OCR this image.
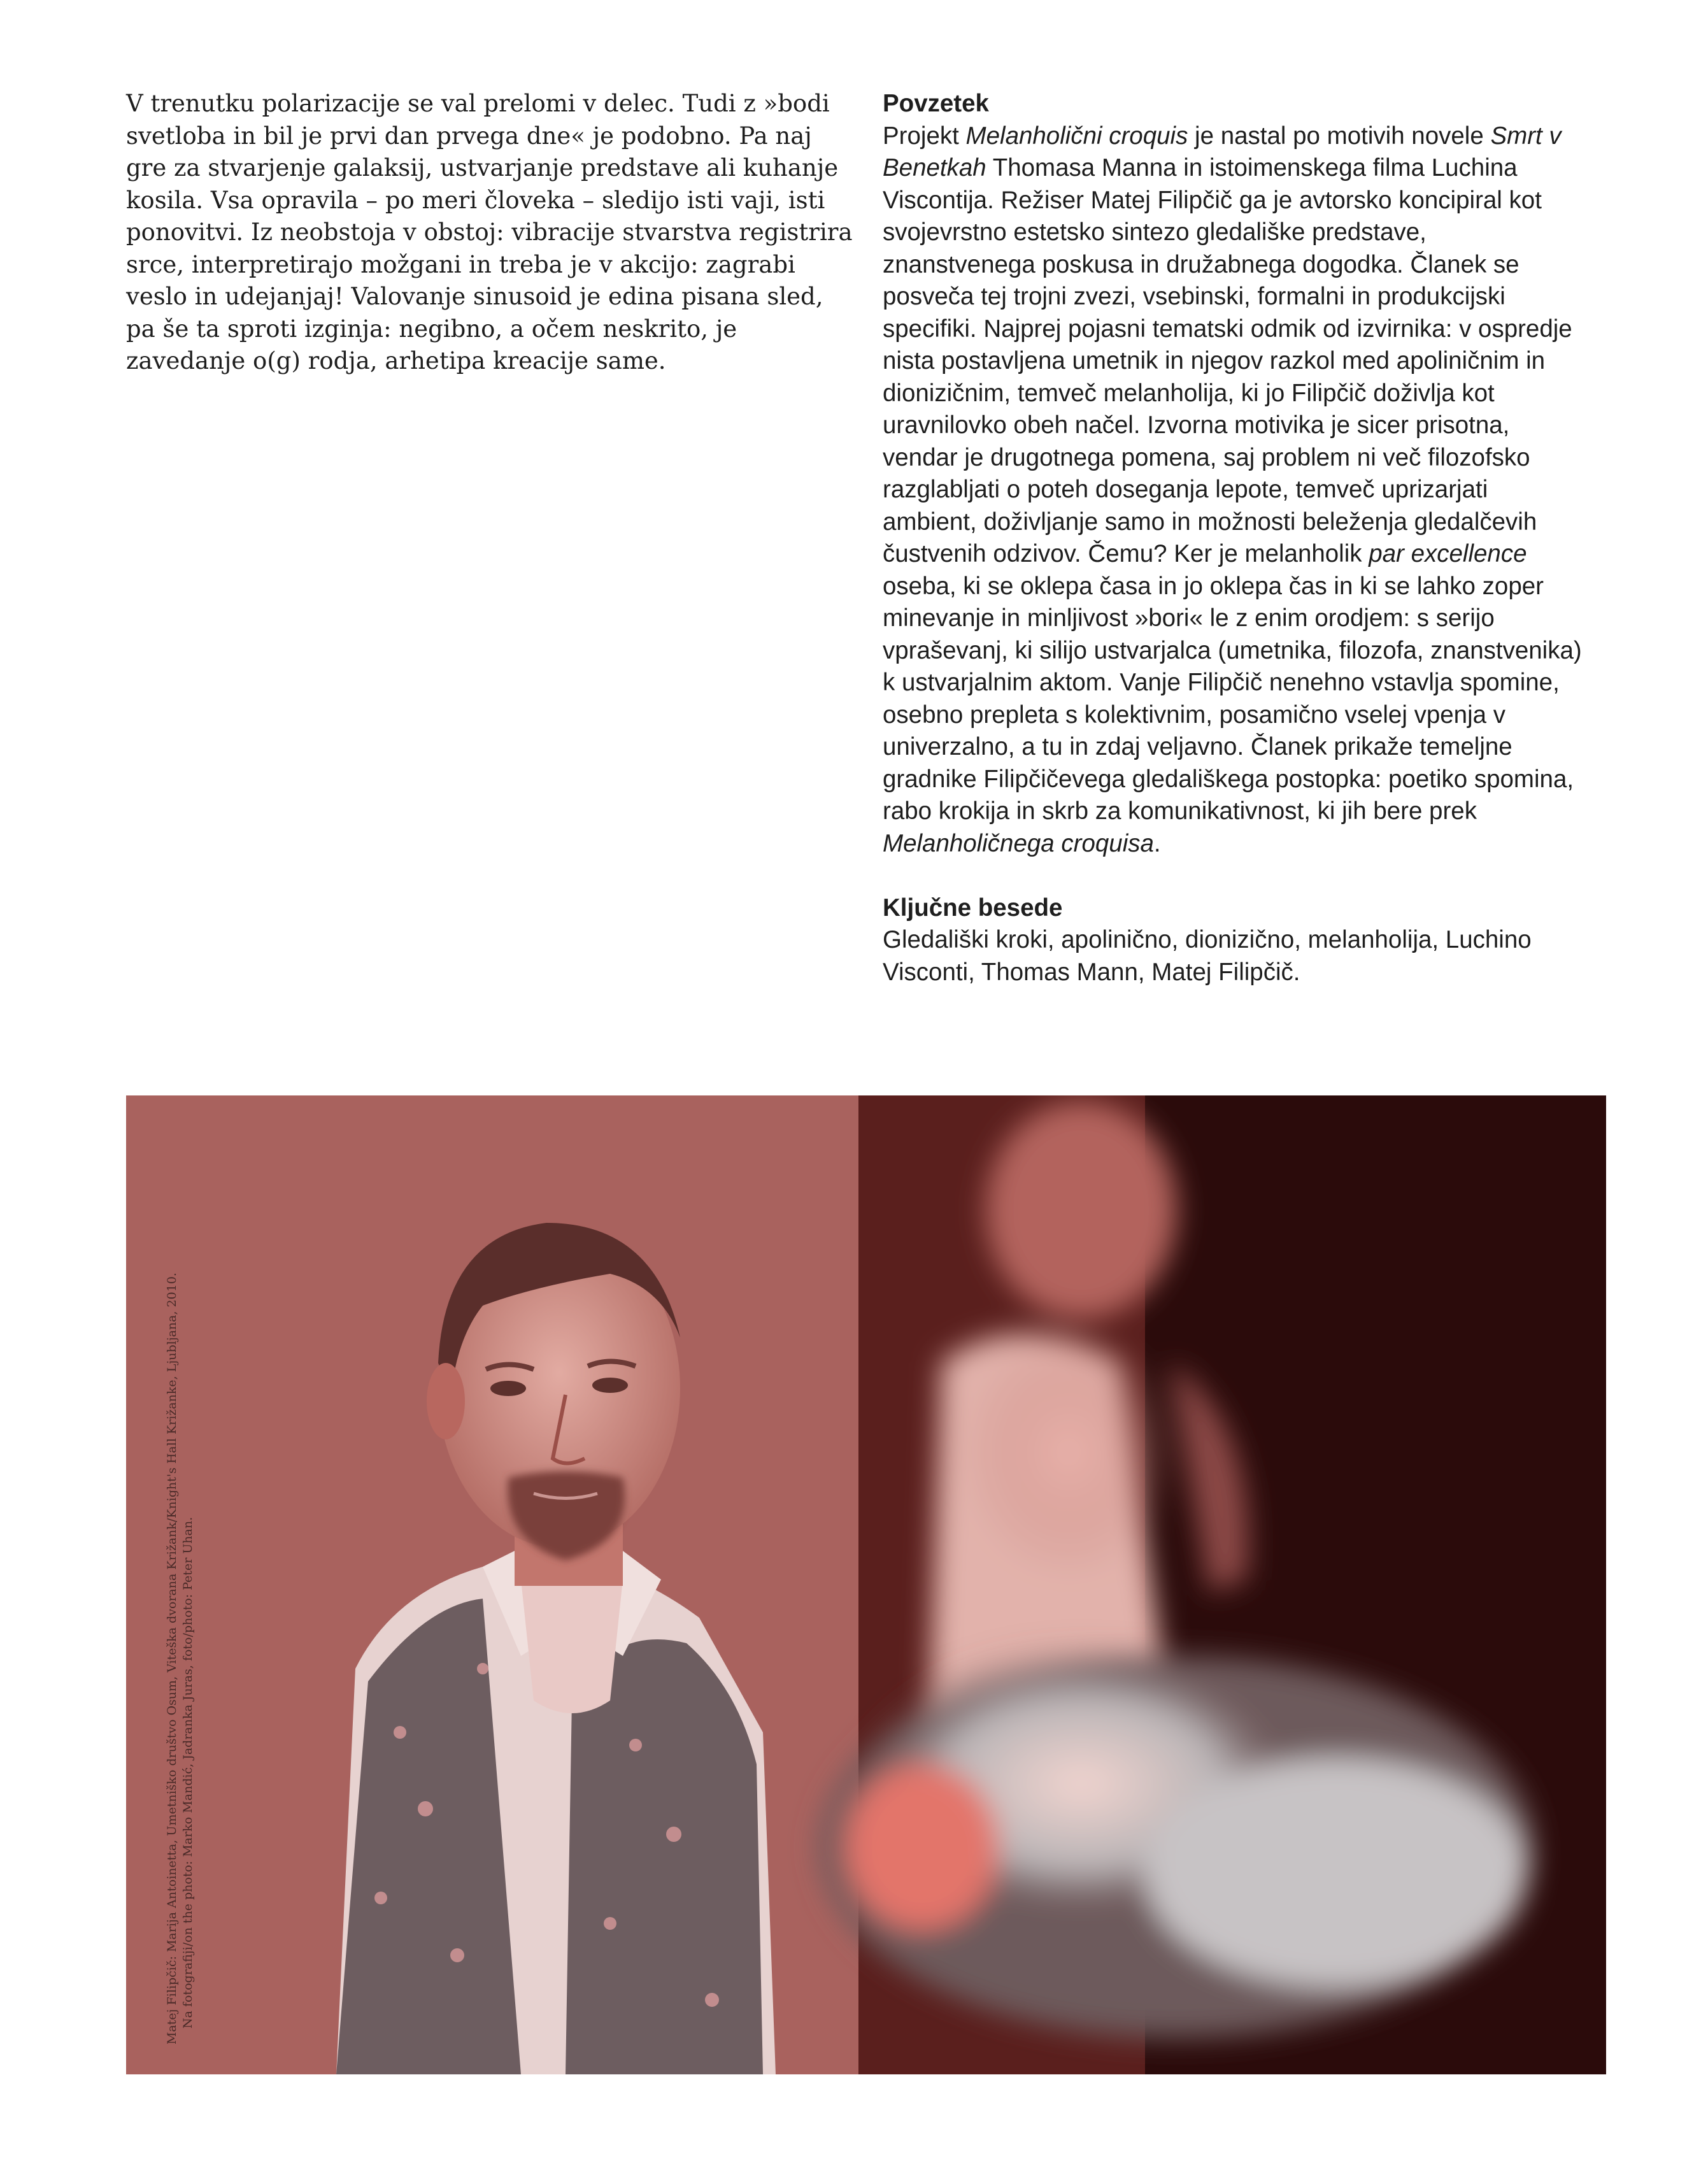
V trenutku polarizacije se val prelomi v delec. Tudi z »bodi svetloba in bil je prvi dan prvega dne« je podobno. Pa naj gre za stvarjenje galaksij, ustvarjanje predstave ali kuhanje kosila. Vsa opravila – po meri človeka – sledijo isti vaji, isti ponovitvi. Iz neobstoja v obstoj: vibracije stvarstva registrira srce, interpretirajo možgani in treba je v akcijo: zagrabi veslo in udejanjaj! Valovanje sinusoid je edina pisana sled, pa še ta sproti izginja: negibno, a očem neskrito, je zavedanje o(g) rodja, arhetipa kreacije same.

Povzetek

Projekt Melanholični croquis je nastal po motivih novele Smrt v Benetkah Thomasa Manna in istoimenskega filma Luchina Viscontija. Režiser Matej Filipčič ga je avtorsko koncipiral kot svojevrstno estetsko sintezo gledališke predstave, znanstvenega poskusa in družabnega dogodka. Članek se posveča tej trojni zvezi, vsebinski, formalni in produkcijski specifiki. Najprej pojasni tematski odmik od izvirnika: v ospredje nista postavljena umetnik in njegov razkol med apoliničnim in dionizičnim, temveč melanholija, ki jo Filipčič doživlja kot uravnilovko obeh načel. Izvorna motivika je sicer prisotna, vendar je drugotnega pomena, saj problem ni več filozofsko razglabljati o poteh doseganja lepote, temveč uprizarjati ambient, doživljanje samo in možnosti beleženja gledalčevih čustvenih odzivov. Čemu? Ker je melanholik par excellence oseba, ki se oklepa časa in jo oklepa čas in ki se lahko zoper minevanje in minljivost »bori« le z enim orodjem: s serijo vpraševanj, ki silijo ustvarjalca (umetnika, filozofa, znanstvenika) k ustvarjalnim aktom. Vanje Filipčič nenehno vstavlja spomine, osebno prepleta s kolektivnim, posamično vselej vpenja v univerzalno, a tu in zdaj veljavno. Članek prikaže temeljne gradnike Filipčičevega gledališkega postopka: poetiko spomina, rabo krokija in skrb za komunikativnost, ki jih bere prek Melanholičnega croquisa.

Ključne besede

Gledališki kroki, apolinično, dionizično, melanholija, Luchino Visconti, Thomas Mann, Matej Filipčič.

Matej Filipčič: Marija Antoinetta, Umetniško društvo Osum, Viteška dvorana Križank/Knight's Hall Križanke, Ljubljana, 2010. Na fotografiji/on the photo: Marko Mandić, Jadranka Juras, foto/photo: Peter Uhan.
